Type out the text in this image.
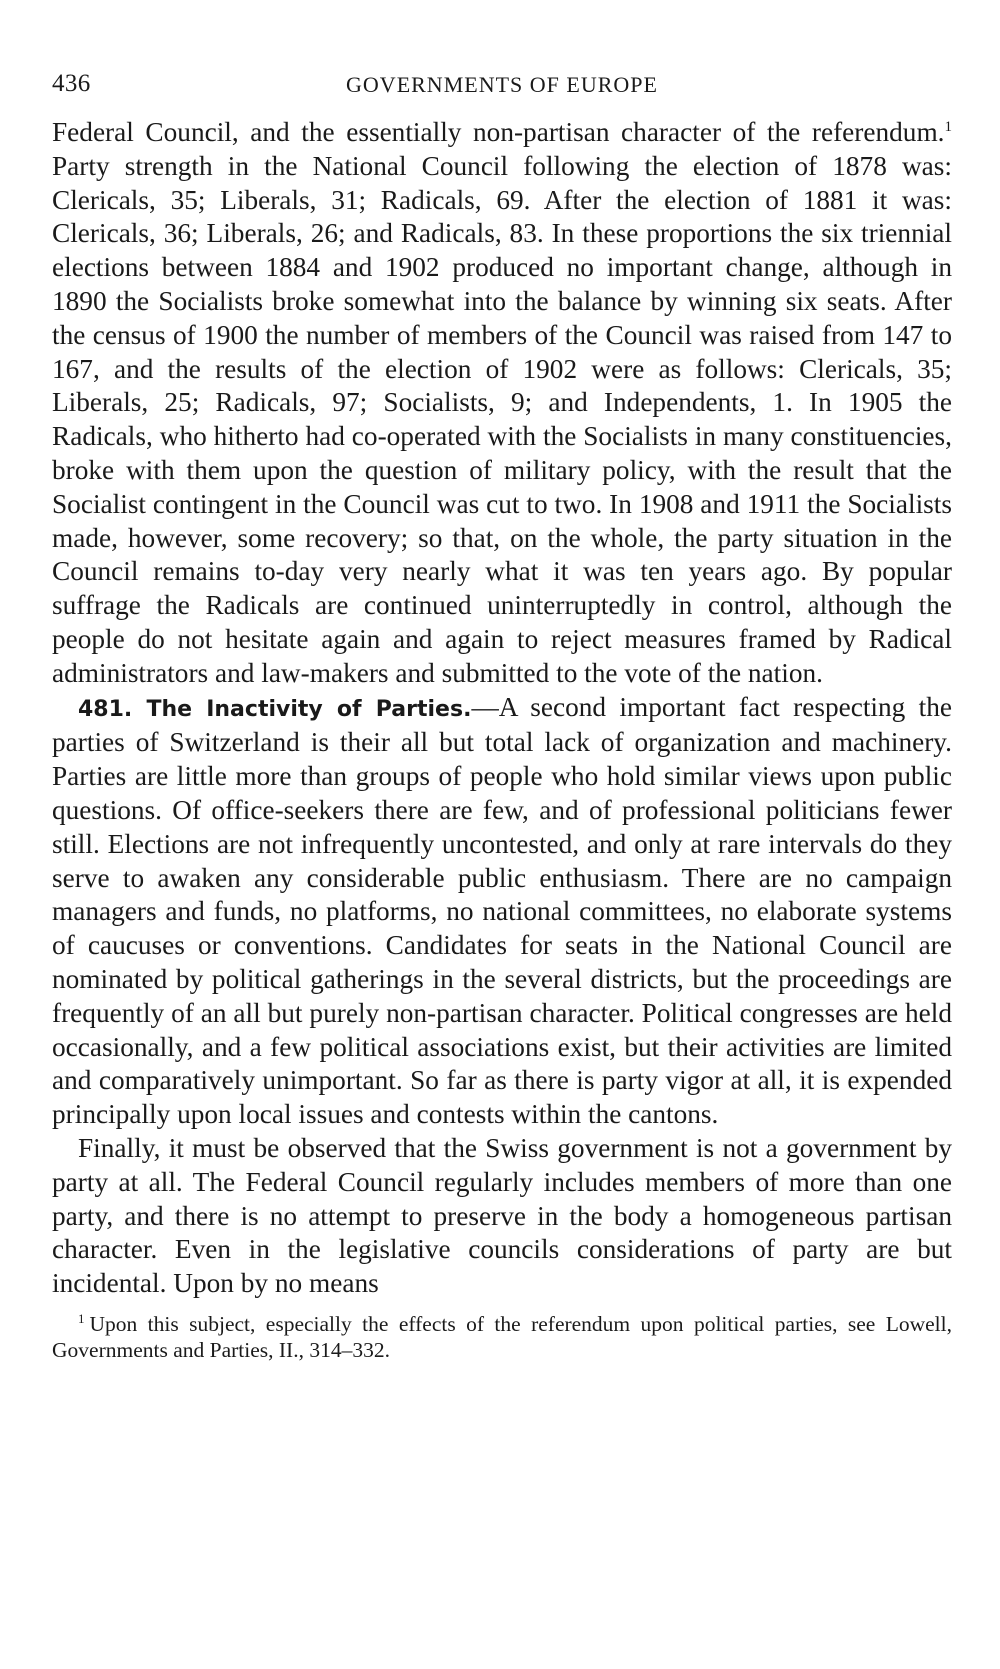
436	GOVERNMENTS OF EUROPE

Federal Council, and the essentially non-partisan character of the referendum.$^1$ Party strength in the National Council following the election of 1878 was: Clericals, 35; Liberals, 31; Radicals, 69. After the election of 1881 it was: Clericals, 36; Liberals, 26; and Radicals, 83. In these proportions the six triennial elections between 1884 and 1902 produced no important change, although in 1890 the Socialists broke somewhat into the balance by winning six seats. After the census of 1900 the number of members of the Council was raised from 147 to 167, and the results of the election of 1902 were as follows: Clericals, 35; Liberals, 25; Radicals, 97; Socialists, 9; and Independents, 1. In 1905 the Radicals, who hitherto had co-operated with the Socialists in many constituencies, broke with them upon the question of military policy, with the result that the Socialist contingent in the Council was cut to two. In 1908 and 1911 the Socialists made, however, some recovery; so that, on the whole, the party situation in the Council remains to-day very nearly what it was ten years ago. By popular suffrage the Radicals are continued uninterruptedly in control, although the people do not hesitate again and again to reject measures framed by Radical administrators and law-makers and submitted to the vote of the nation.

481. The Inactivity of Parties.—A second important fact respecting the parties of Switzerland is their all but total lack of organization and machinery. Parties are little more than groups of people who hold similar views upon public questions. Of office-seekers there are few, and of professional politicians fewer still. Elections are not infrequently uncontested, and only at rare intervals do they serve to awaken any considerable public enthusiasm. There are no campaign managers and funds, no platforms, no national committees, no elaborate systems of caucuses or conventions. Candidates for seats in the National Council are nominated by political gatherings in the several districts, but the proceedings are frequently of an all but purely non-partisan character. Political congresses are held occasionally, and a few political associations exist, but their activities are limited and comparatively unimportant. So far as there is party vigor at all, it is expended principally upon local issues and contests within the cantons.

Finally, it must be observed that the Swiss government is not a government by party at all. The Federal Council regularly includes members of more than one party, and there is no attempt to preserve in the body a homogeneous partisan character. Even in the legislative councils considerations of party are but incidental. Upon by no means

$^1$ Upon this subject, especially the effects of the referendum upon political parties, see Lowell, Governments and Parties, II., 314–332.
